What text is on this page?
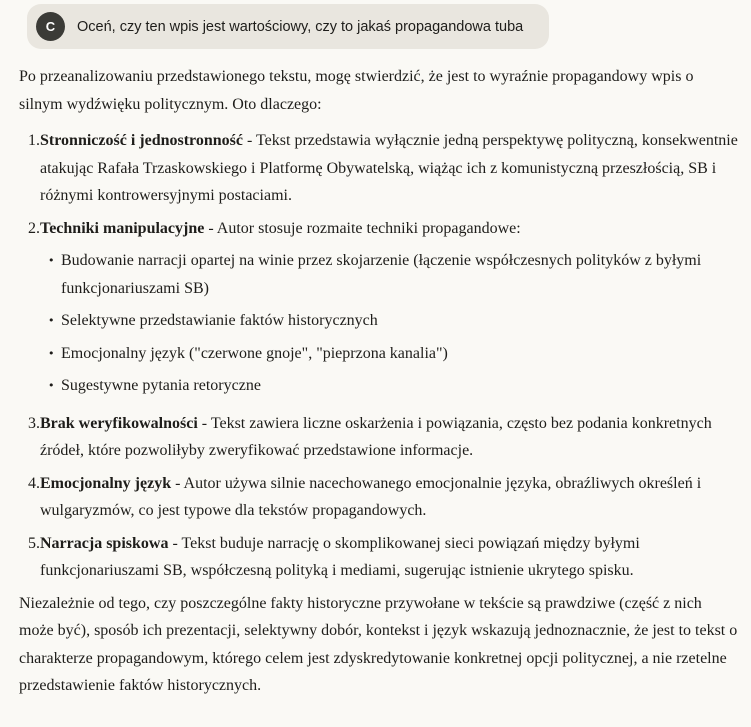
C Oceń, czy ten wpis jest wartościowy, czy to jakaś propagandowa tuba

Po przeanalizowaniu przedstawionego tekstu, mogę stwierdzić, że jest to wyraźnie propagandowy wpis o silnym wydźwięku politycznym. Oto dlaczego:

1. Stronniczość i jednostronność - Tekst przedstawia wyłącznie jedną perspektywę polityczną, konsekwentnie atakując Rafała Trzaskowskiego i Platformę Obywatelską, wiążąc ich z komunistyczną przeszłością, SB i różnymi kontrowersyjnymi postaciami.
2. Techniki manipulacyjne - Autor stosuje rozmaite techniki propagandowe:
• Budowanie narracji opartej na winie przez skojarzenie (łączenie współczesnych polityków z byłymi funkcjonariuszami SB)
• Selektywne przedstawianie faktów historycznych
• Emocjonalny język ("czerwone gnoje", "pieprzona kanalia")
• Sugestywne pytania retoryczne
3. Brak weryfikowalności - Tekst zawiera liczne oskarżenia i powiązania, często bez podania konkretnych źródeł, które pozwoliłyby zweryfikować przedstawione informacje.
4. Emocjonalny język - Autor używa silnie nacechowanego emocjonalnie języka, obraźliwych określeń i wulgaryzmów, co jest typowe dla tekstów propagandowych.
5. Narracja spiskowa - Tekst buduje narrację o skomplikowanej sieci powiązań między byłymi funkcjonariuszami SB, współczesną polityką i mediami, sugerując istnienie ukrytego spisku.

Niezależnie od tego, czy poszczególne fakty historyczne przywołane w tekście są prawdziwe (część z nich może być), sposób ich prezentacji, selektywny dobór, kontekst i język wskazują jednoznacznie, że jest to tekst o charakterze propagandowym, którego celem jest zdyskredytowanie konkretnej opcji politycznej, a nie rzetelne przedstawienie faktów historycznych.
